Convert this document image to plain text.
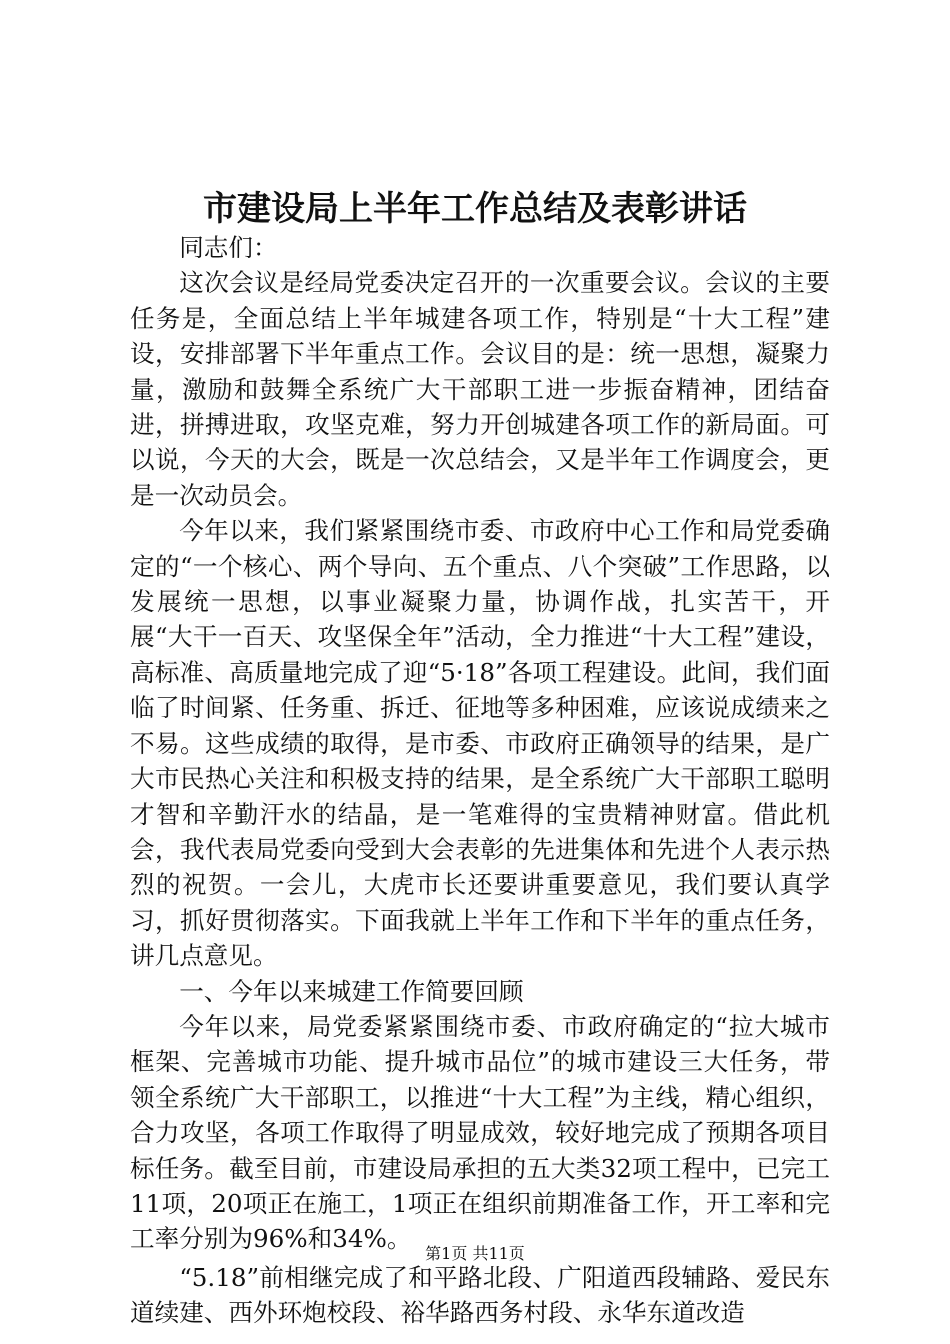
市建设局上半年工作总结及表彰讲话

同志们：

这次会议是经局党委决定召开的一次重要会议。会议的主要任务是，全面总结上半年城建各项工作，特别是“十大工程”建设，安排部署下半年重点工作。会议目的是：统一思想，凝聚力量，激励和鼓舞全系统广大干部职工进一步振奋精神，团结奋进，拼搏进取，攻坚克难，努力开创城建各项工作的新局面。可以说，今天的大会，既是一次总结会，又是半年工作调度会，更是一次动员会。

今年以来，我们紧紧围绕市委、市政府中心工作和局党委确定的“一个核心、两个导向、五个重点、八个突破”工作思路，以发展统一思想，以事业凝聚力量，协调作战，扎实苦干，开展“大干一百天、攻坚保全年”活动，全力推进“十大工程”建设，高标准、高质量地完成了迎“5·18”各项工程建设。此间，我们面临了时间紧、任务重、拆迁、征地等多种困难，应该说成绩来之不易。这些成绩的取得，是市委、市政府正确领导的结果，是广大市民热心关注和积极支持的结果，是全系统广大干部职工聪明才智和辛勤汗水的结晶，是一笔难得的宝贵精神财富。借此机会，我代表局党委向受到大会表彰的先进集体和先进个人表示热烈的祝贺。一会儿，大虎市长还要讲重要意见，我们要认真学习，抓好贯彻落实。下面我就上半年工作和下半年的重点任务，讲几点意见。

一、今年以来城建工作简要回顾

今年以来，局党委紧紧围绕市委、市政府确定的“拉大城市框架、完善城市功能、提升城市品位”的城市建设三大任务，带领全系统广大干部职工，以推进“十大工程”为主线，精心组织，合力攻坚，各项工作取得了明显成效，较好地完成了预期各项目标任务。截至目前，市建设局承担的五大类32项工程中，已完工11项，20项正在施工，1项正在组织前期准备工作，开工率和完工率分别为96%和34%。

“5.18”前相继完成了和平路北段、广阳道西段辅路、爱民东道续建、西外环炮校段、裕华路西务村段、永华东道改造

第1页 共11页
